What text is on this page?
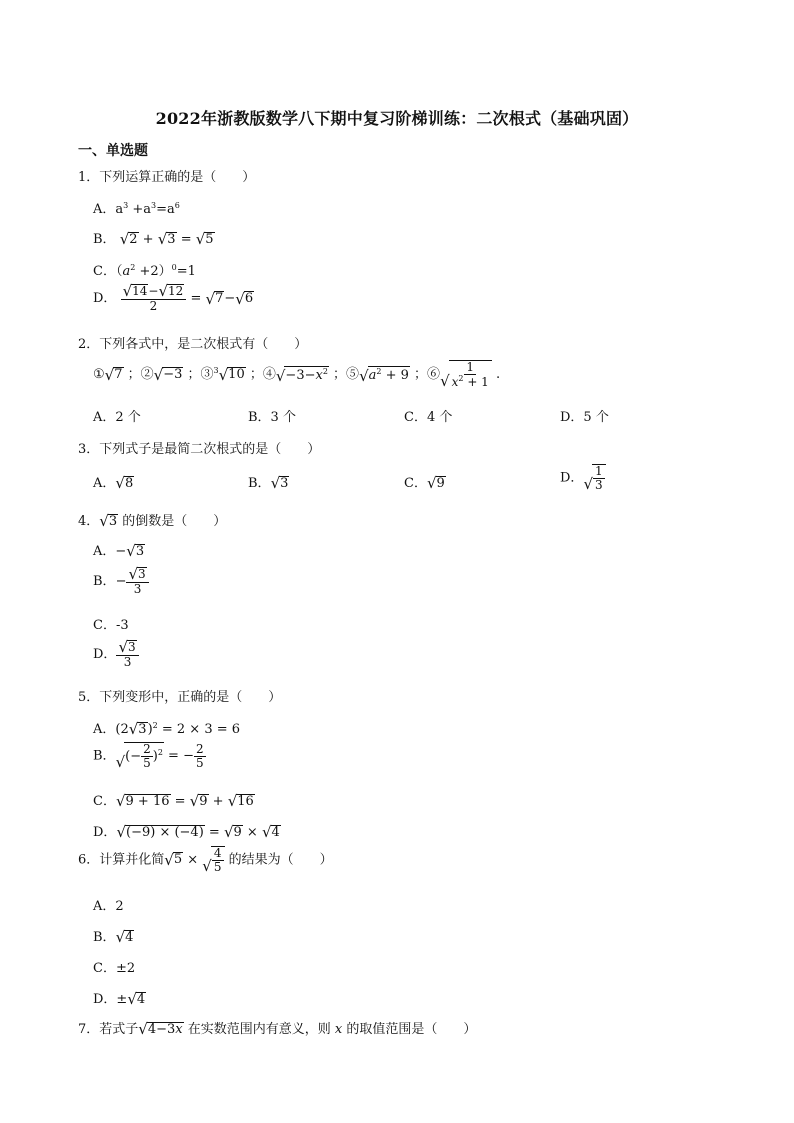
2022年浙教版数学八下期中复习阶梯训练：二次根式（基础巩固）
一、单选题
1．下列运算正确的是（　　）
A．$a^3 +a^3=a^6$
B． √ 2 + √ 3 = √ 5
C．$(a^2 +2)^0=1$
D． $\frac{√ 14 - √ 12}{2}$ = √ 7 − √ 6
2．下列各式中，是二次根式有（　　）
① √ 7 ；② √ −3 ；③$^3$ √ 10 ；④ √ $-3-x^2$ ；⑤ √ $a^2 + 9$ ；⑥ √ $\frac{1}{x^2 + 1}$ .
A．2 个	B．3 个	C．4 个	D．5 个
3．下列式子是最简二次根式的是（　　）
A． √ 8	B． √ 3	C． √ 9	D． √ $\frac{1}{3}$
4． √ 3 的倒数是（　　）
A．− √ 3
B．− $\frac{√ 3}{3}$
C．-3
D． $\frac{√ 3}{3}$
5．下列变形中，正确的是（　　）
A．(2 √ 3 )$^2$ = 2 × 3 = 6
B． √ (− $\frac{2}{5} )^2$ = − $\frac{2}{5}$
C． √ 9 + 16 = √ 9 + √ 16
D． √ (−9) × (−4) = √ 9 × √ 4
6．计算并化简 √ 5 × √ $\frac{4}{5}$ 的结果为（　　）
A．2
B． √ 4
C．±2
D．± √ 4
7．若式子 √ 4−3x 在实数范围内有意义，则 x 的取值范围是（　　）
